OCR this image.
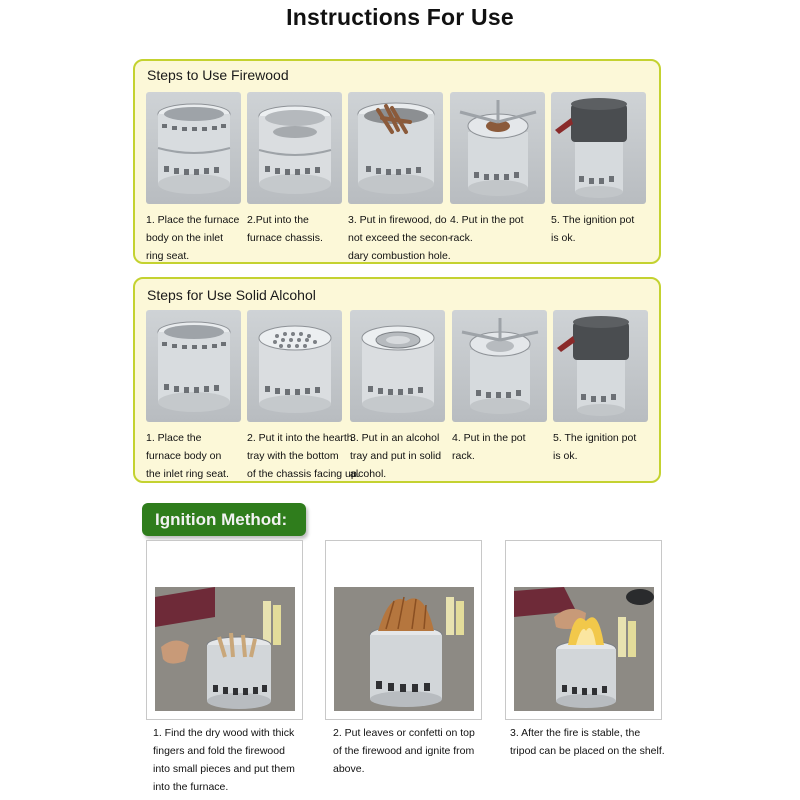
Instructions For Use
Steps to Use Firewood
1. Place the furnace
body on the inlet
ring seat.
2.Put into the
furnace chassis.
3. Put in firewood, do
not exceed the secon-
dary combustion hole.
4. Put in the pot
rack.
5. The ignition pot
is ok.
Steps for Use Solid Alcohol
1. Place the
furnace body on
the inlet ring seat.
2. Put it into the hearth
tray with the bottom
of the chassis facing up.
3. Put in an alcohol
tray and put in solid
alcohol.
4. Put in the pot
rack.
5. The ignition pot
is ok.
Ignition Method:
1. Find the dry wood with thick
fingers and fold the firewood
into small pieces and put them
into the furnace.
2. Put leaves or confetti on top
of the firewood and ignite from
above.
3. After the fire is stable, the
tripod can be placed on the shelf.
